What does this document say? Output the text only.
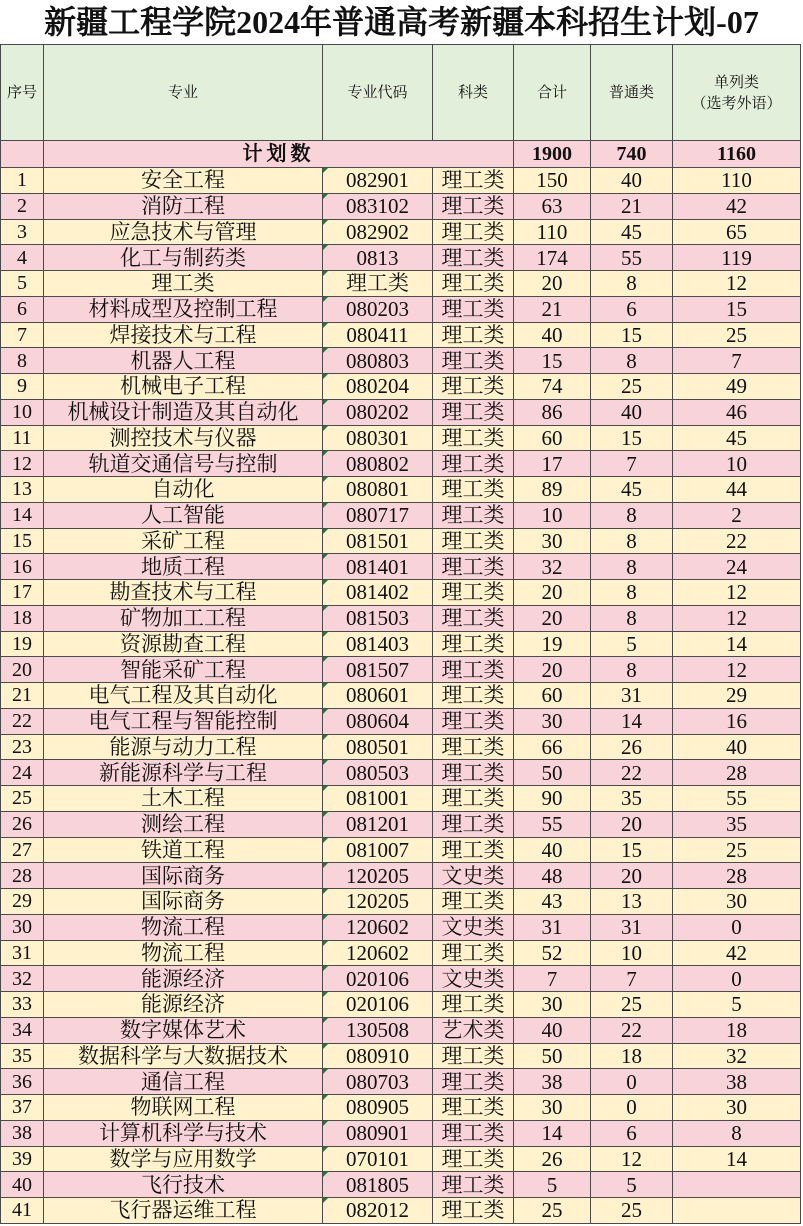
新疆工程学院2024年普通高考新疆本科招生计划-07
序号	专业	专业代码	科类	合计	普通类	单列类
（选考外语）

	计划数			1900	740	1160
1	安全工程	082901	理工类	150	40	110
2	消防工程	083102	理工类	63	21	42
3	应急技术与管理	082902	理工类	110	45	65
4	化工与制药类	0813	理工类	174	55	119
5	理工类	理工类	理工类	20	8	12
6	材料成型及控制工程	080203	理工类	21	6	15
7	焊接技术与工程	080411	理工类	40	15	25
8	机器人工程	080803	理工类	15	8	7
9	机械电子工程	080204	理工类	74	25	49
10	机械设计制造及其自动化	080202	理工类	86	40	46
11	测控技术与仪器	080301	理工类	60	15	45
12	轨道交通信号与控制	080802	理工类	17	7	10
13	自动化	080801	理工类	89	45	44
14	人工智能	080717	理工类	10	8	2
15	采矿工程	081501	理工类	30	8	22
16	地质工程	081401	理工类	32	8	24
17	勘查技术与工程	081402	理工类	20	8	12
18	矿物加工工程	081503	理工类	20	8	12
19	资源勘查工程	081403	理工类	19	5	14
20	智能采矿工程	081507	理工类	20	8	12
21	电气工程及其自动化	080601	理工类	60	31	29
22	电气工程与智能控制	080604	理工类	30	14	16
23	能源与动力工程	080501	理工类	66	26	40
24	新能源科学与工程	080503	理工类	50	22	28
25	土木工程	081001	理工类	90	35	55
26	测绘工程	081201	理工类	55	20	35
27	铁道工程	081007	理工类	40	15	25
28	国际商务	120205	文史类	48	20	28
29	国际商务	120205	理工类	43	13	30
30	物流工程	120602	文史类	31	31	0
31	物流工程	120602	理工类	52	10	42
32	能源经济	020106	文史类	7	7	0
33	能源经济	020106	理工类	30	25	5
34	数字媒体艺术	130508	艺术类	40	22	18
35	数据科学与大数据技术	080910	理工类	50	18	32
36	通信工程	080703	理工类	38	0	38
37	物联网工程	080905	理工类	30	0	30
38	计算机科学与技术	080901	理工类	14	6	8
39	数学与应用数学	070101	理工类	26	12	14
40	飞行技术	081805	理工类	5	5	
41	飞行器运维工程	082012	理工类	25	25	
